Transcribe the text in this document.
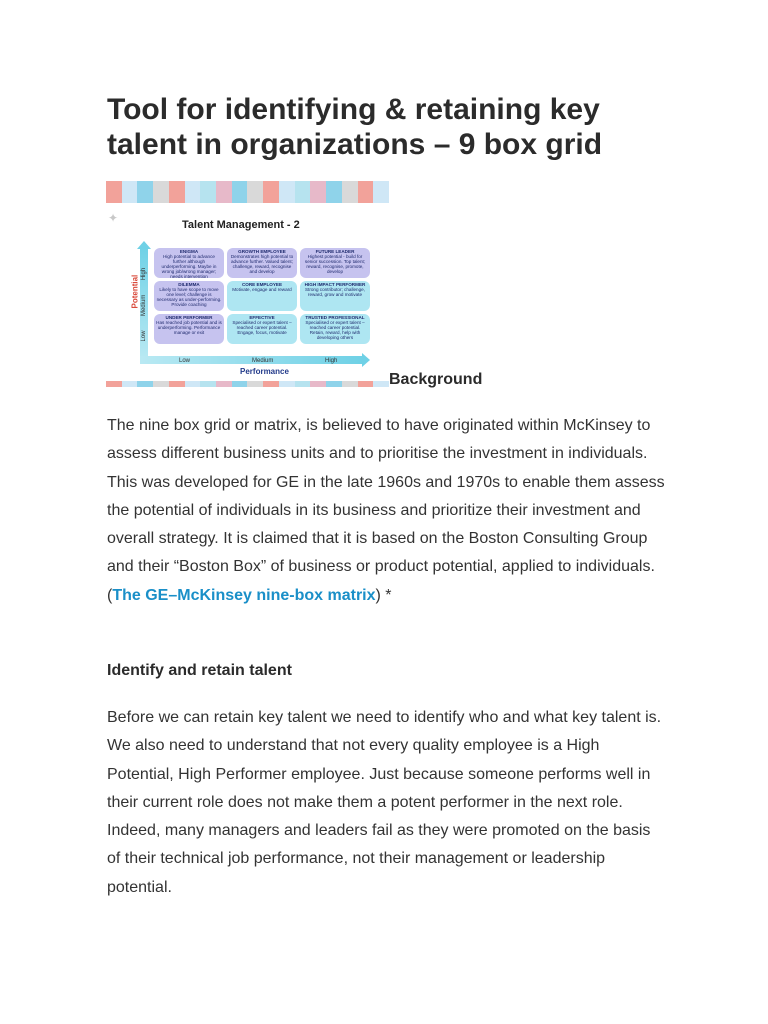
Tool for identifying & retaining key talent in organizations – 9 box grid
✦	Talent Management - 2
Potential
High
Medium
Low
ENIGMA
High potential to advance further although underperforming. Maybe in wrong job/wrong manager; needs intervention
GROWTH EMPLOYEE
Demonstrates high potential to advance further. Valued talent; challenge, reward, recognise and develop
FUTURE LEADER
Highest potential - build for senior succession. Top talent; reward, recognise, promote, develop
DILEMMA
Likely to have scope to move one level; challenge is necessary as under-performing. Provide coaching
CORE EMPLOYEE
Motivate, engage and reward
HIGH IMPACT PERFORMER
Strong contributor; challenge, reward, grow and motivate
UNDER PERFORMER
Has reached job potential and is underperforming. Performance manage or exit
EFFECTIVE
Specialised or expert talent – reached career potential. Engage, focus, motivate
TRUSTED PROFESSIONAL
Specialised or expert talent – reached career potential. Retain, reward, help with developing others
Low	Medium	High
Performance	Background

The nine box grid or matrix, is believed to have originated within McKinsey to assess different business units and to prioritise the investment in individuals. This was developed for GE in the late 1960s and 1970s to enable them assess the potential of individuals in its business and prioritize their investment and overall strategy. It is claimed that it is based on the Boston Consulting Group and their “Boston Box” of business or product potential, applied to individuals. (The GE–McKinsey nine-box matrix) *

Identify and retain talent

Before we can retain key talent we need to identify who and what key talent is. We also need to understand that not every quality employee is a High Potential, High Performer employee. Just because someone performs well in their current role does not make them a potent performer in the next role. Indeed, many managers and leaders fail as they were promoted on the basis of their technical job performance, not their management or leadership potential.
